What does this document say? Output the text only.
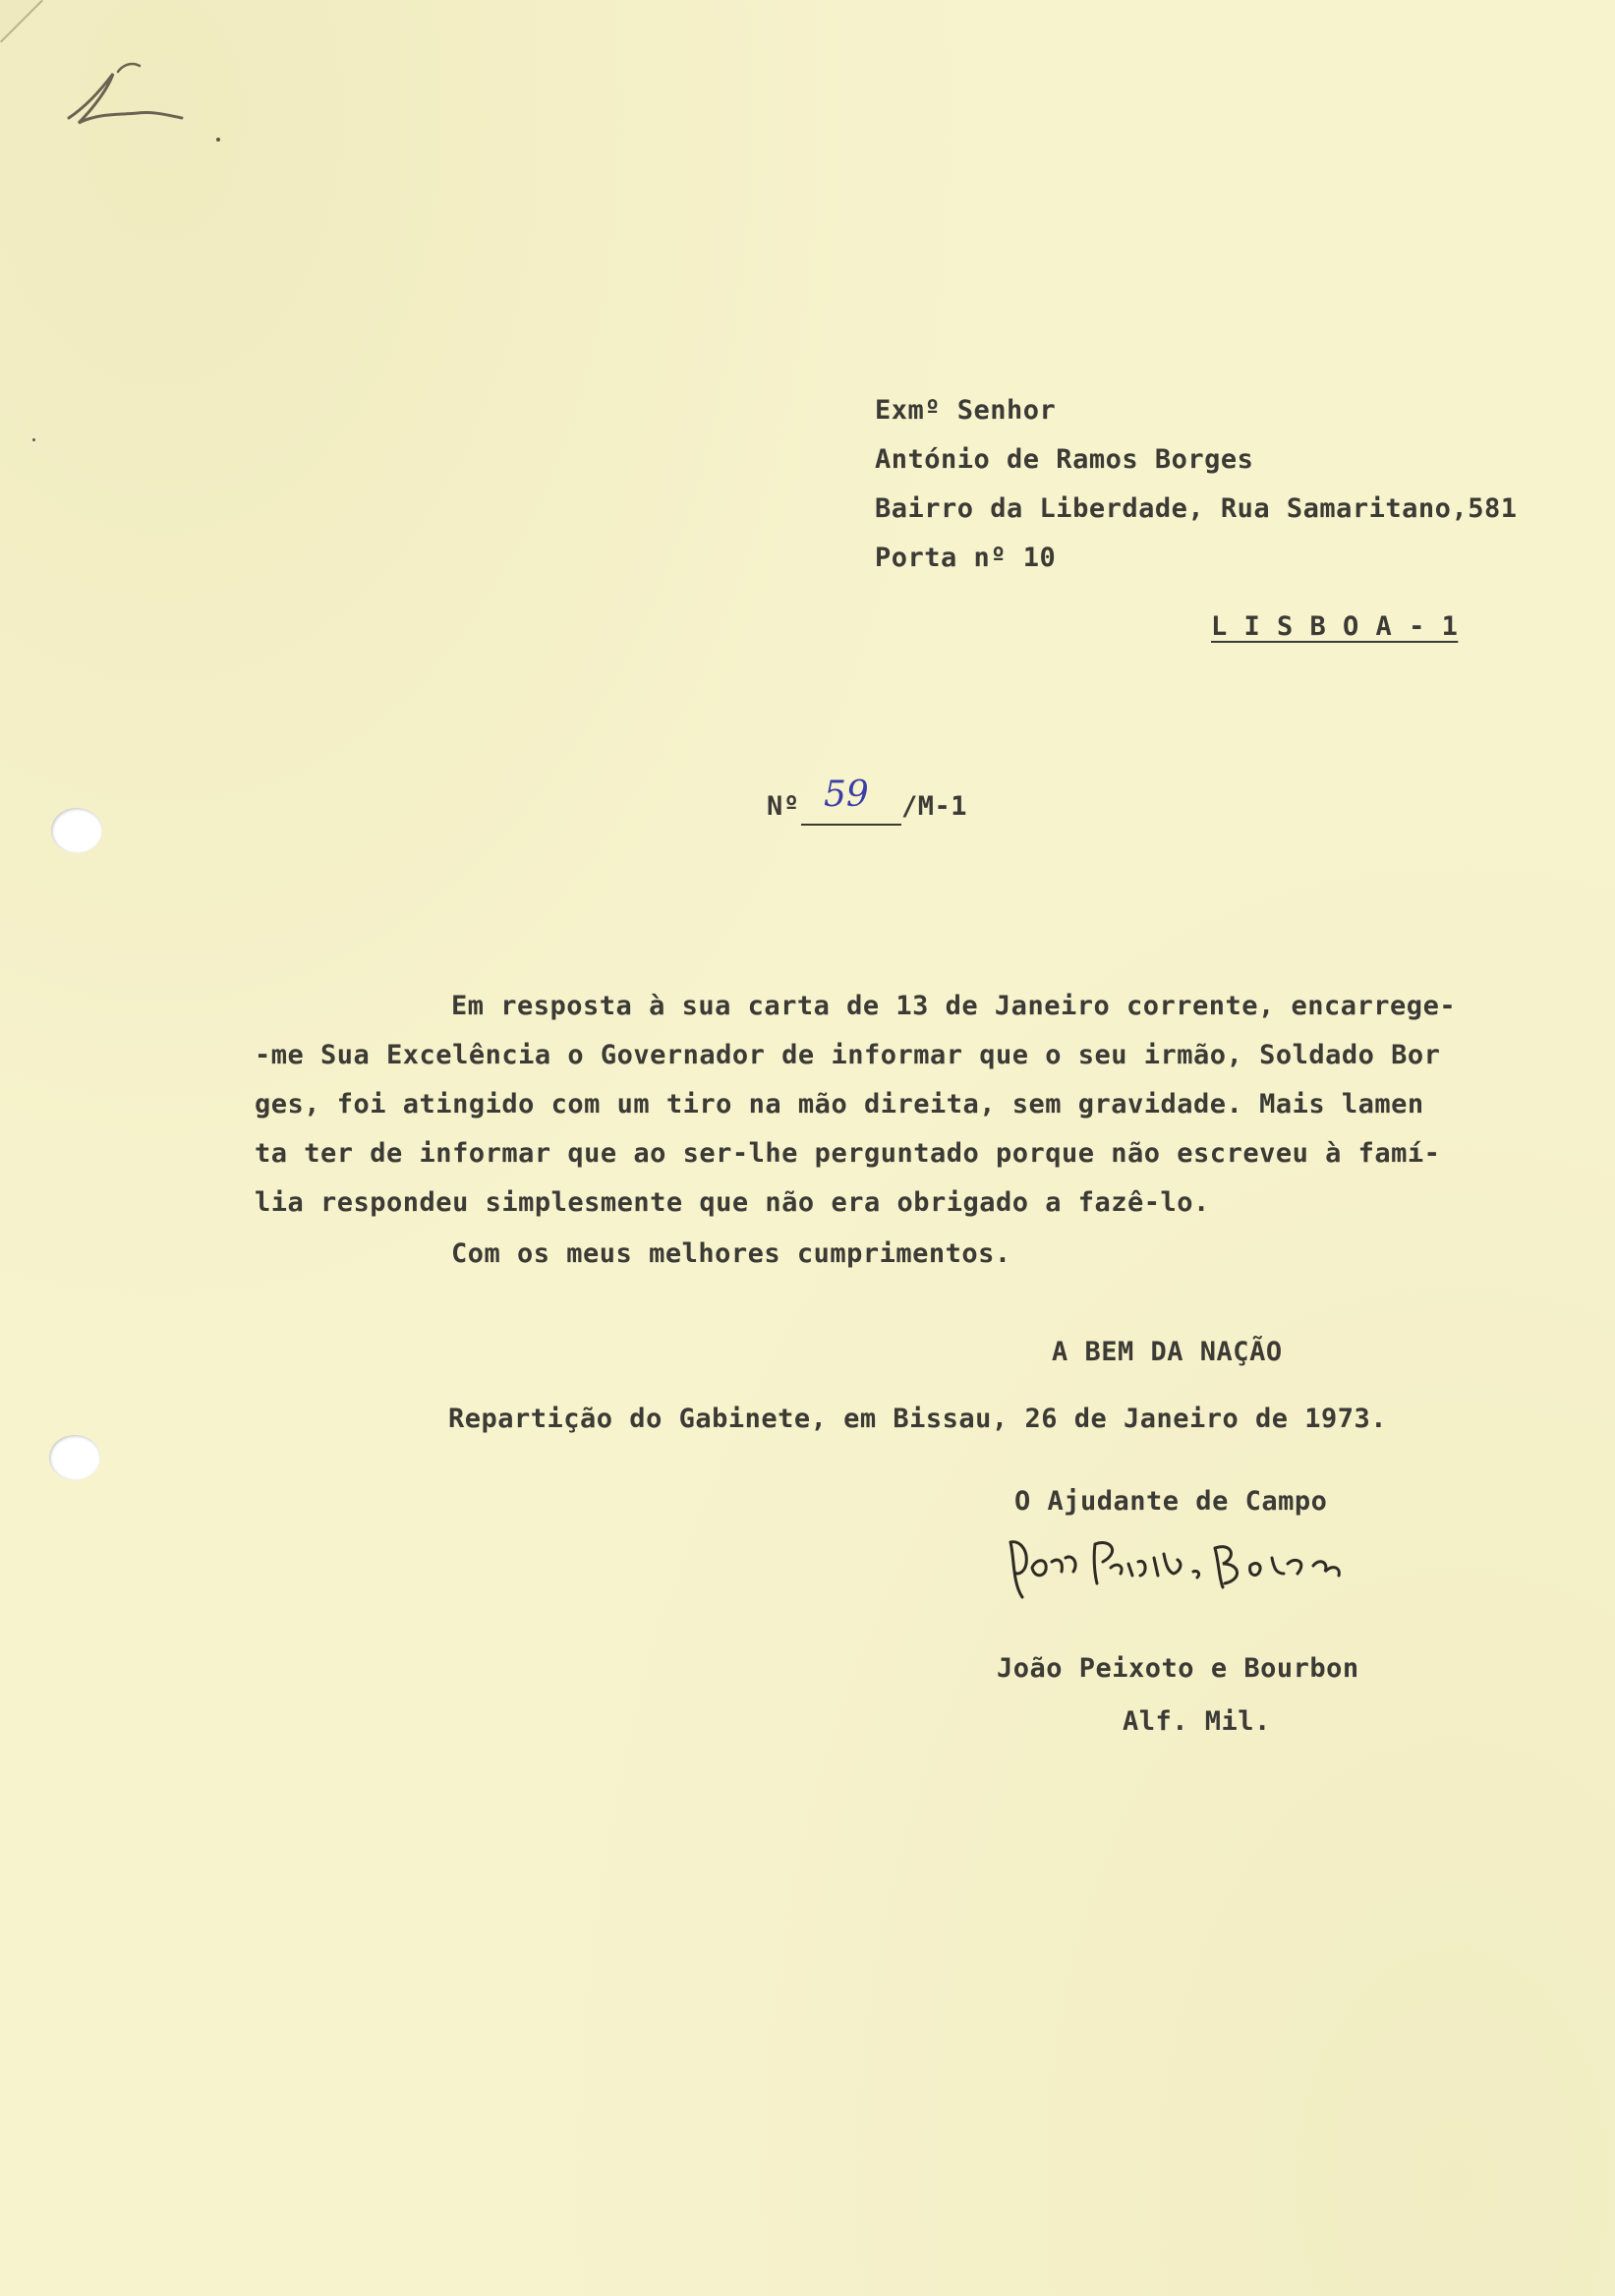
Exmº Senhor
António de Ramos Borges
Bairro da Liberdade, Rua Samaritano,581
Porta nº 10
L I S B O A - 1
Nº 59 /M-1
Em resposta à sua carta de 13 de Janeiro corrente, encarrege-
-me Sua Excelência o Governador de informar que o seu irmão, Soldado Bor
ges, foi atingido com um tiro na mão direita, sem gravidade. Mais lamen
ta ter de informar que ao ser-lhe perguntado porque não escreveu à famí-
lia respondeu simplesmente que não era obrigado a fazê-lo.
Com os meus melhores cumprimentos.
A BEM DA NAÇÃO
Repartição do Gabinete, em Bissau, 26 de Janeiro de 1973.
O Ajudante de Campo
João Peixoto e Bourbon
Alf. Mil.
